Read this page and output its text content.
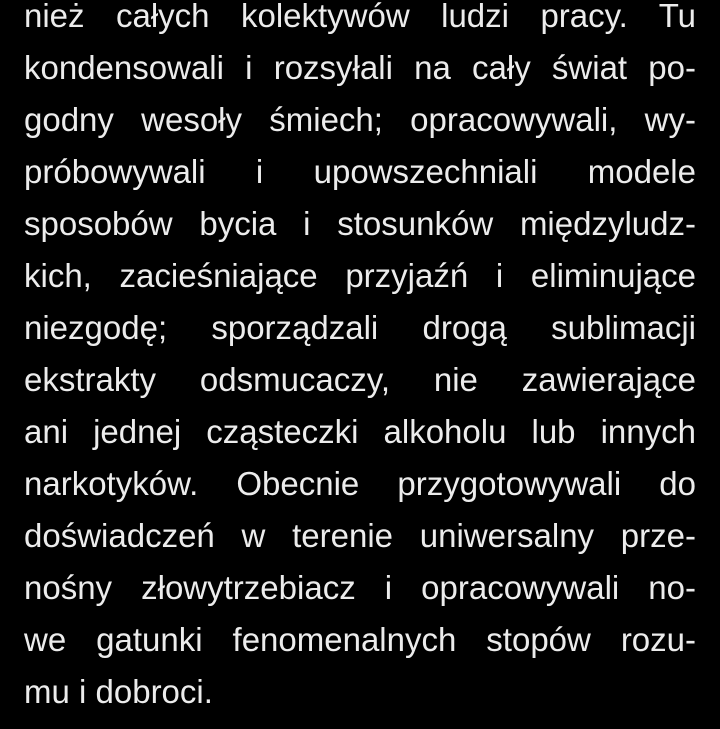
nież całych kolektywów ludzi pracy. Tu
kondensowali i rozsyłali na cały świat po-
godny wesoły śmiech; opracowywali, wy-
próbowywali i upowszechniali modele
sposobów bycia i stosunków międzyludz-
kich, zacieśniające przyjaźń i eliminujące
niezgodę; sporządzali drogą sublimacji
ekstrakty odsmucaczy, nie zawierające
ani jednej cząsteczki alkoholu lub innych
narkotyków. Obecnie przygotowywali do
doświadczeń w terenie uniwersalny prze-
nośny złowytrzebiacz i opracowywali no-
we gatunki fenomenalnych stopów rozu-
mu i dobroci.
